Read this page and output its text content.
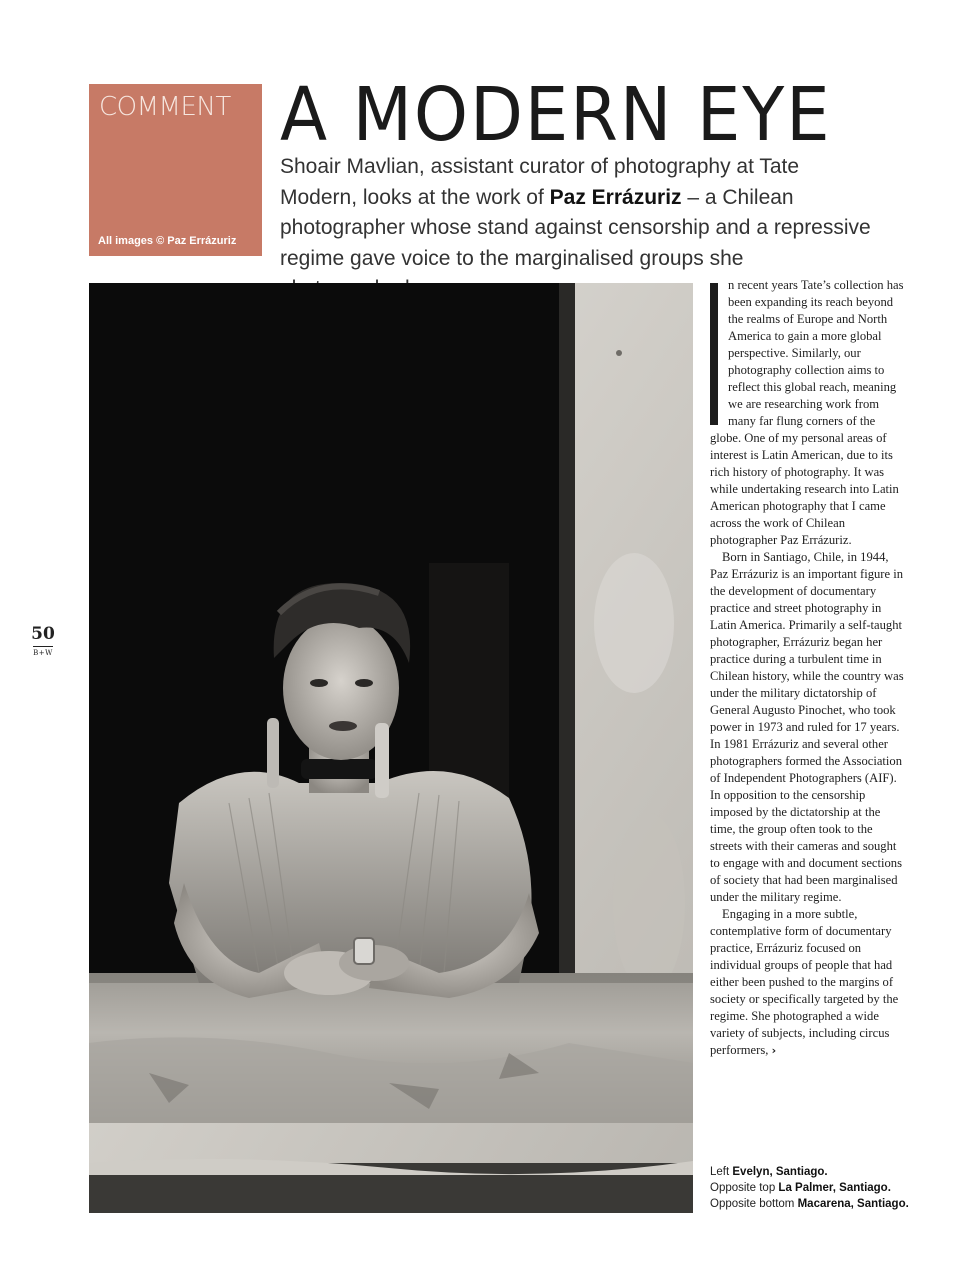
COMMENT
All images © Paz Errázuriz
A MODERN EYE

Shoair Mavlian, assistant curator of photography at Tate Modern, looks at the work of Paz Errázuriz – a Chilean photographer whose stand against censorship and a repressive regime gave voice to the marginalised groups she

50
B+W

n recent years Tate’s collection has been expanding its reach beyond the realms of Europe and North America to gain a more global perspective. Similarly, our photography collection aims to reflect this global reach, meaning we are researching work from many far flung corners of the globe. One of my personal areas of interest is Latin American, due to its rich history of photography. It was while undertaking research into Latin American photography that I came across the work of Chilean photographer Paz Errázuriz.

Born in Santiago, Chile, in 1944, Paz Errázuriz is an important figure in the development of documentary practice and street photography in Latin America. Primarily a self-taught photographer, Errázuriz began her practice during a turbulent time in Chilean history, while the country was under the military dictatorship of General Augusto Pinochet, who took power in 1973 and ruled for 17 years. In 1981 Errázuriz and several other photographers formed the Association of Independent Photographers (AIF). In opposition to the censorship imposed by the dictatorship at the time, the group often took to the streets with their cameras and sought to engage with and document sections of society that had been marginalised under the military regime.

Engaging in a more subtle, contemplative form of documentary practice, Errázuriz focused on individual groups of people that had either been pushed to the margins of society or specifically targeted by the regime. She photographed a wide variety of subjects, including circus performers, ›

Left Evelyn, Santiago.
Opposite top La Palmer, Santiago.
Opposite bottom Macarena, Santiago.
